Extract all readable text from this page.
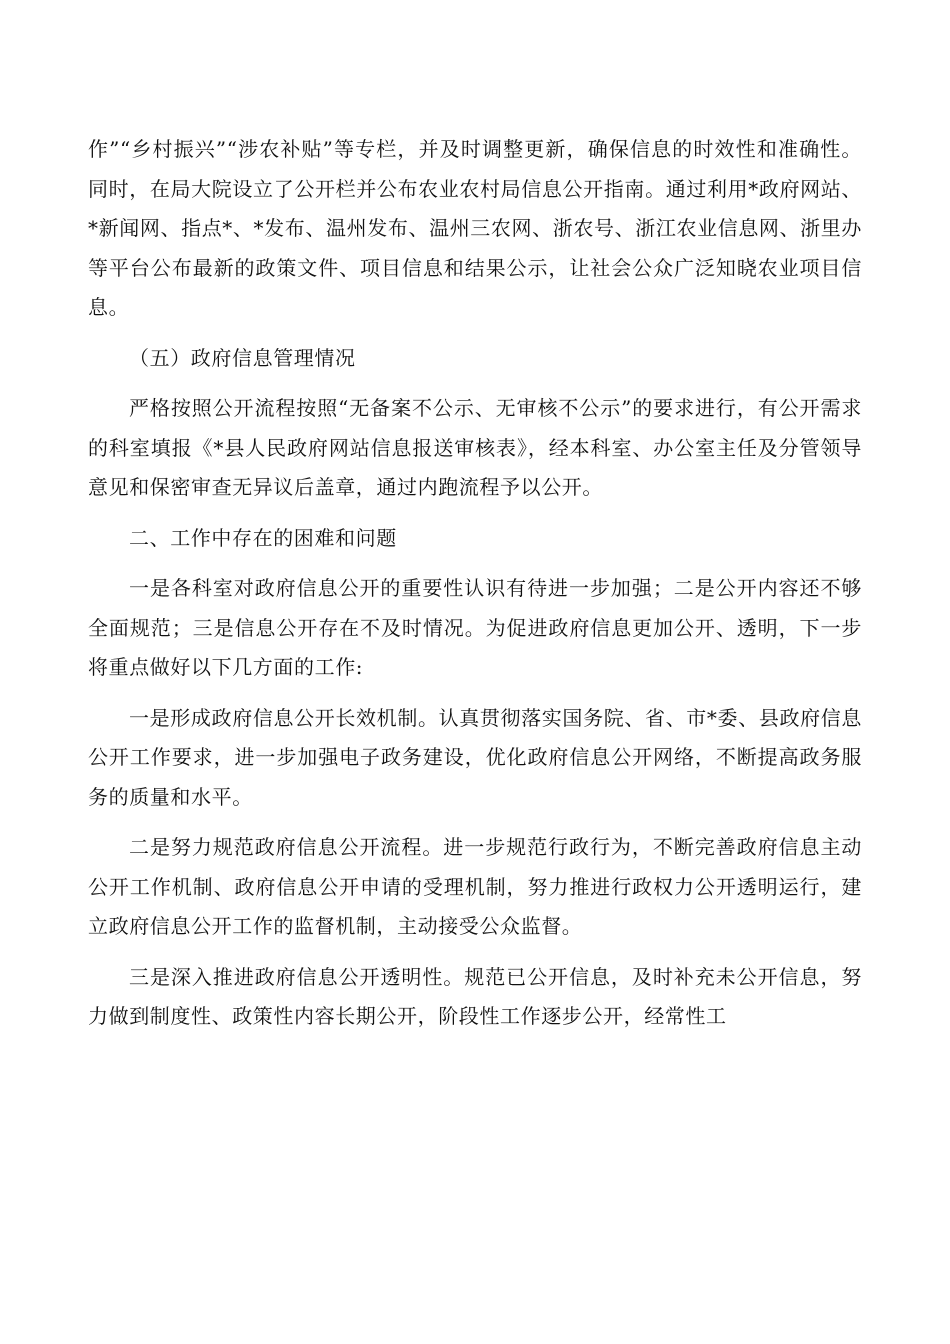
作”“乡村振兴”“涉农补贴”等专栏，并及时调整更新，确保信息的时效性和准确性。同时，在局大院设立了公开栏并公布农业农村局信息公开指南。通过利用*政府网站、*新闻网、指点*、*发布、温州发布、温州三农网、浙农号、浙江农业信息网、浙里办等平台公布最新的政策文件、项目信息和结果公示，让社会公众广泛知晓农业项目信息。

（五）政府信息管理情况

严格按照公开流程按照“无备案不公示、无审核不公示”的要求进行，有公开需求的科室填报《*县人民政府网站信息报送审核表》，经本科室、办公室主任及分管领导意见和保密审查无异议后盖章，通过内跑流程予以公开。

二、工作中存在的困难和问题

一是各科室对政府信息公开的重要性认识有待进一步加强；二是公开内容还不够全面规范；三是信息公开存在不及时情况。为促进政府信息更加公开、透明，下一步将重点做好以下几方面的工作:

一是形成政府信息公开长效机制。认真贯彻落实国务院、省、市*委、县政府信息公开工作要求，进一步加强电子政务建设，优化政府信息公开网络，不断提高政务服务的质量和水平。

二是努力规范政府信息公开流程。进一步规范行政行为，不断完善政府信息主动公开工作机制、政府信息公开申请的受理机制，努力推进行政权力公开透明运行，建立政府信息公开工作的监督机制，主动接受公众监督。

三是深入推进政府信息公开透明性。规范已公开信息，及时补充未公开信息，努力做到制度性、政策性内容长期公开，阶段性工作逐步公开，经常性工
